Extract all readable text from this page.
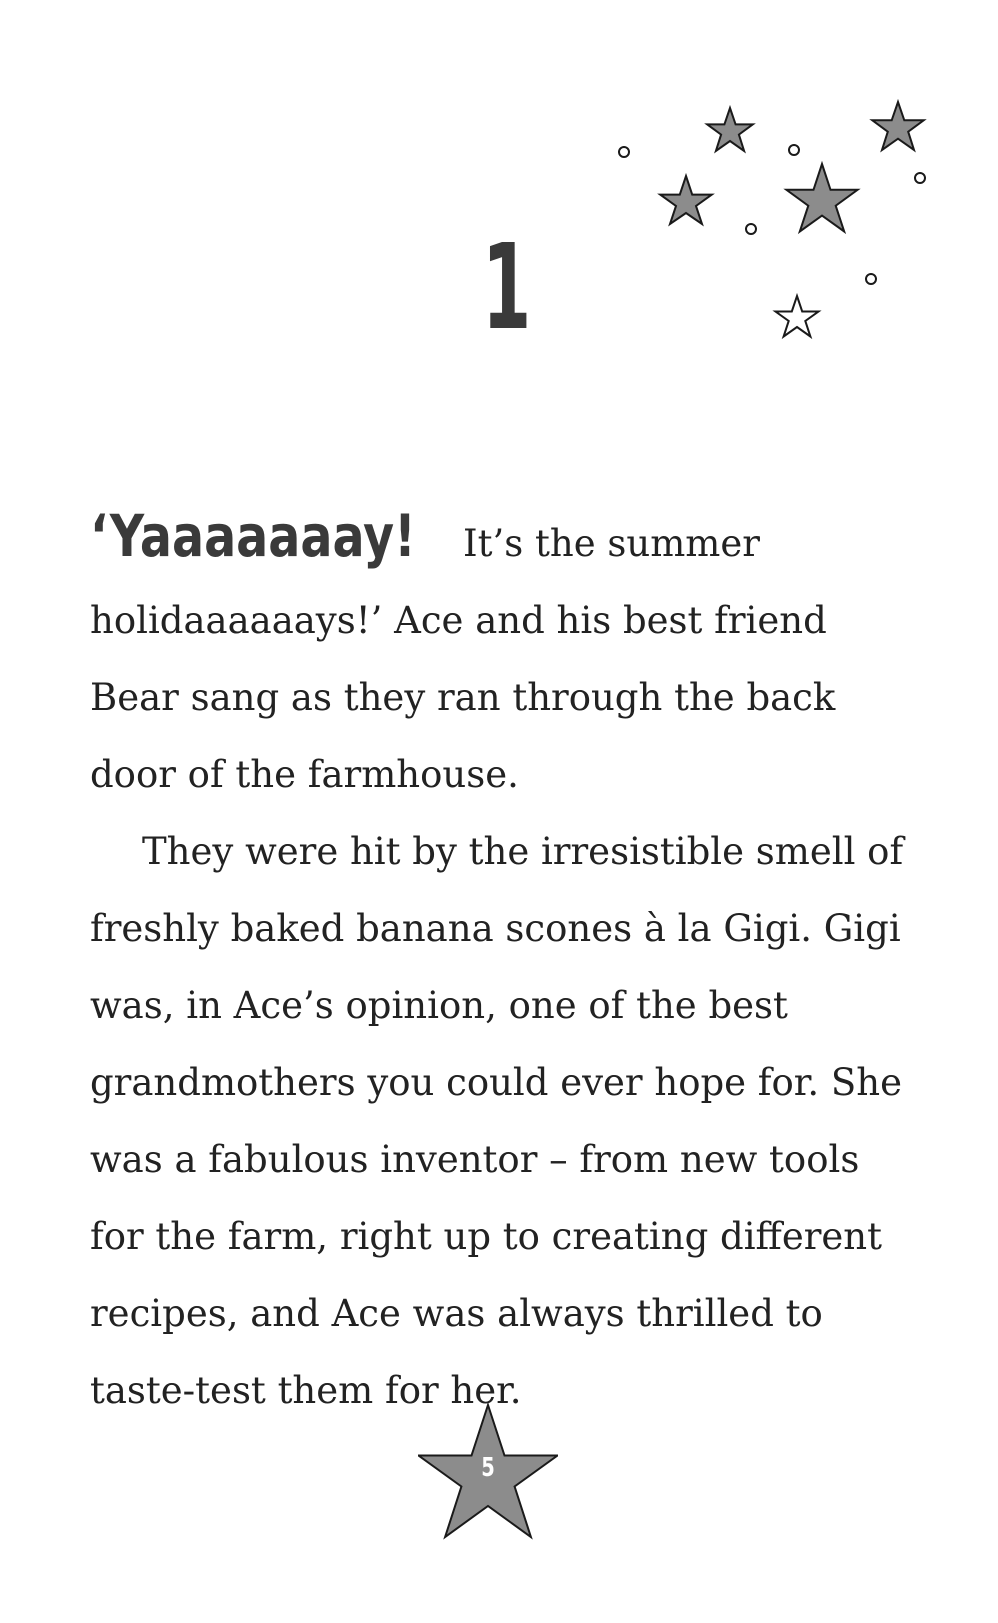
1

‘Yaaaaaaay! It’s the summer
holidaaaaaays!’ Ace and his best friend Bear sang as they ran through the back door of the farmhouse.

They were hit by the irresistible smell of freshly baked banana scones à la Gigi. Gigi was, in Ace’s opinion, one of the best grandmothers you could ever hope for. She was a fabulous inventor – from new tools for the farm, right up to creating different recipes, and Ace was always thrilled to taste-test them for her.

5
